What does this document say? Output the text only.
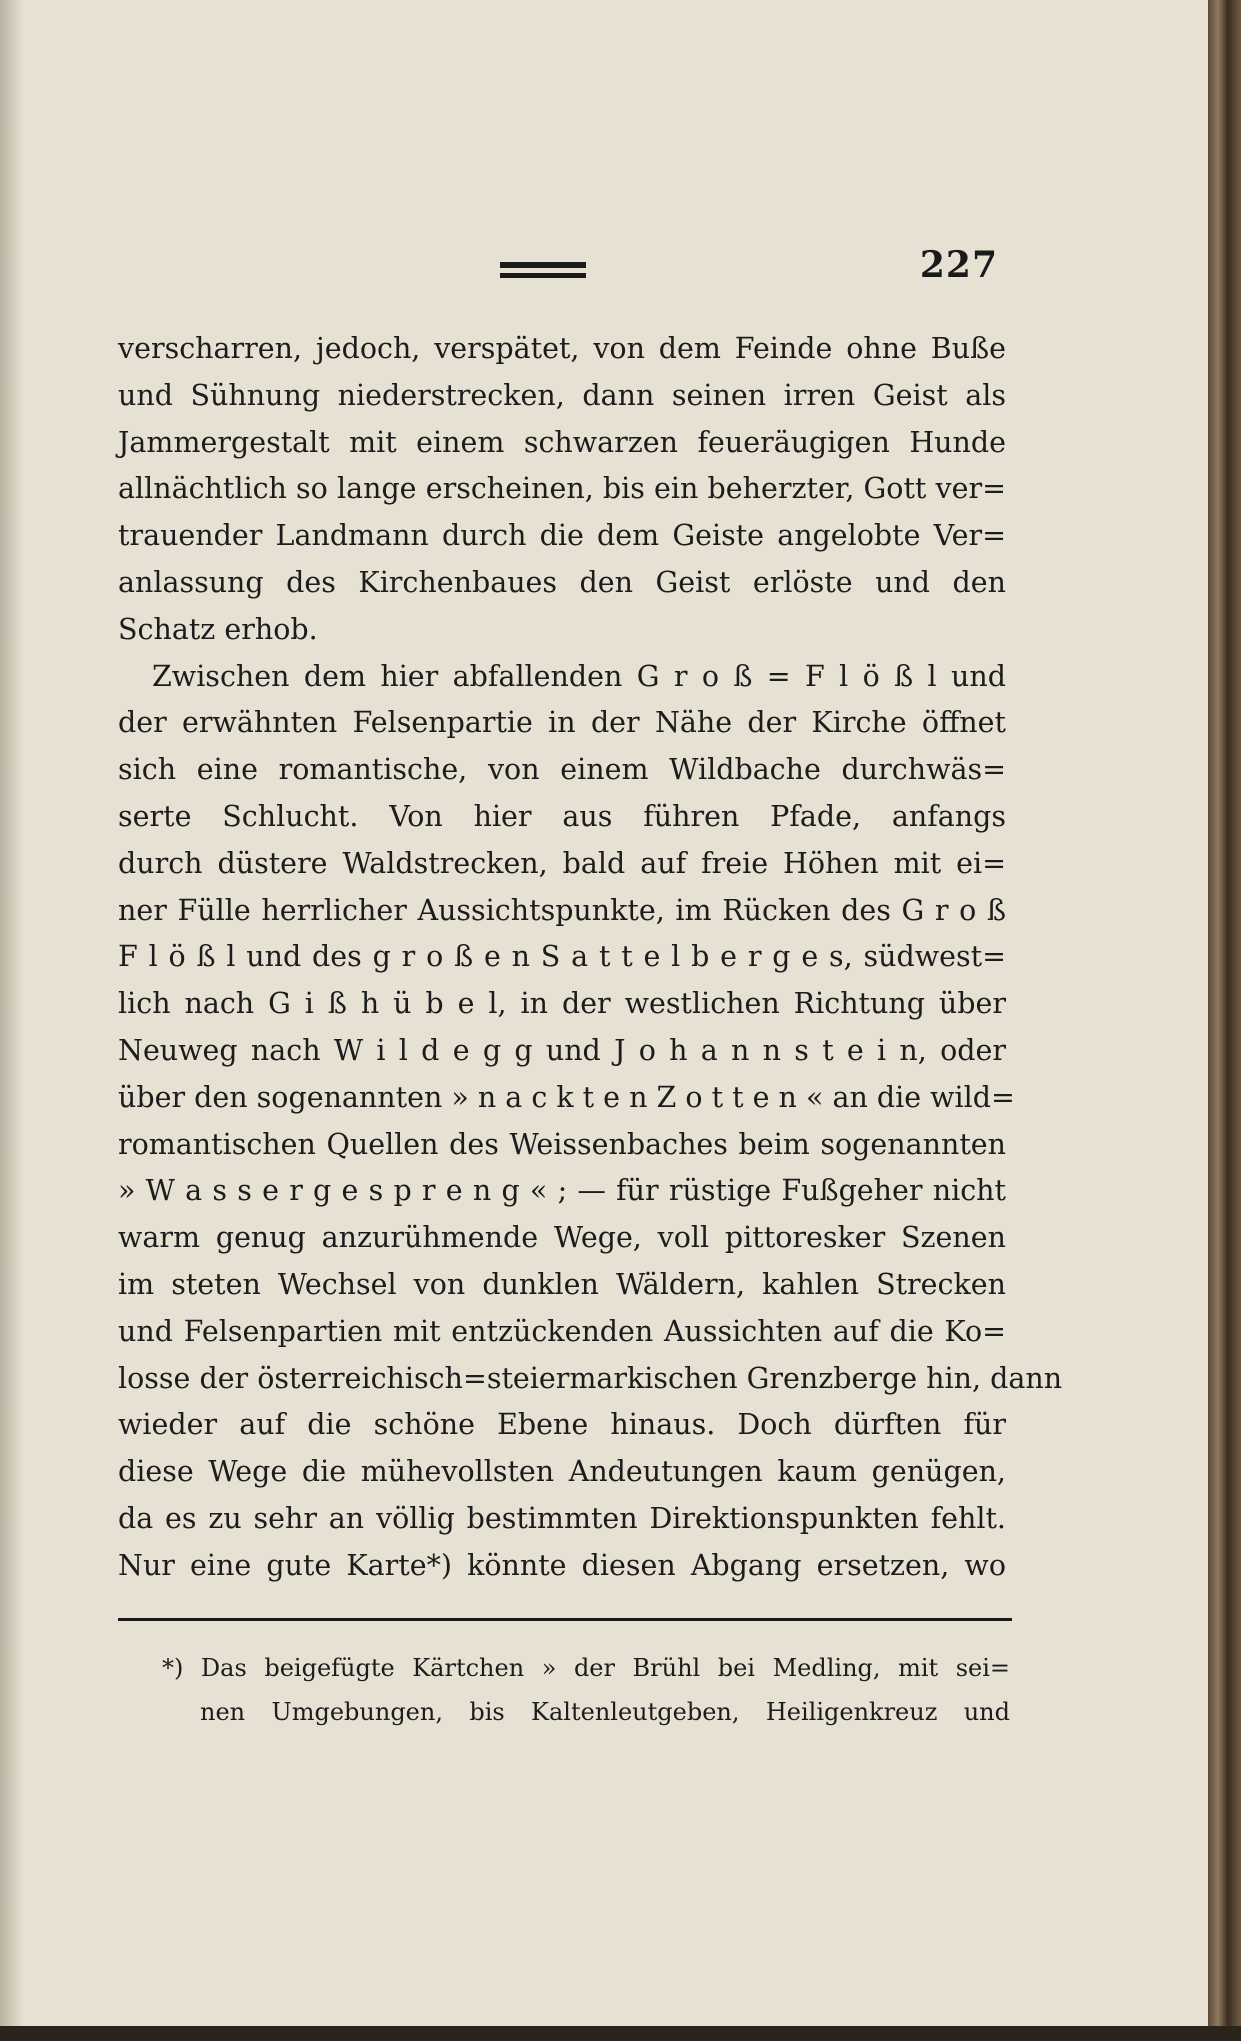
227
verscharren, jedoch, verspätet, von dem Feinde ohne Buße
und Sühnung niederstrecken, dann seinen irren Geist als
Jammergestalt mit einem schwarzen feueräugigen Hunde
allnächtlich so lange erscheinen, bis ein beherzter, Gott ver=
trauender Landmann durch die dem Geiste angelobte Ver=
anlassung des Kirchenbaues den Geist erlöste und den
Schatz erhob.
Zwischen dem hier abfallenden G r o ß = F l ö ß l und
der erwähnten Felsenpartie in der Nähe der Kirche öffnet
sich eine romantische, von einem Wildbache durchwäs=
serte Schlucht. Von hier aus führen Pfade, anfangs
durch düstere Waldstrecken, bald auf freie Höhen mit ei=
ner Fülle herrlicher Aussichtspunkte, im Rücken des G r o ß
F l ö ß l und des g r o ß e n S a t t e l b e r g e s, südwest=
lich nach G i ß h ü b e l, in der westlichen Richtung über
Neuweg nach W i l d e g g und J o h a n n s t e i n, oder
über den sogenannten » n a c k t e n Z o t t e n « an die wild=
romantischen Quellen des Weissenbaches beim sogenannten
» W a s s e r g e s p r e n g « ; — für rüstige Fußgeher nicht
warm genug anzurühmende Wege, voll pittoresker Szenen
im steten Wechsel von dunklen Wäldern, kahlen Strecken
und Felsenpartien mit entzückenden Aussichten auf die Ko=
losse der österreichisch=steiermarkischen Grenzberge hin, dann
wieder auf die schöne Ebene hinaus. Doch dürften für
diese Wege die mühevollsten Andeutungen kaum genügen,
da es zu sehr an völlig bestimmten Direktionspunkten fehlt.
Nur eine gute Karte*) könnte diesen Abgang ersetzen, wo
*) Das beigefügte Kärtchen » der Brühl bei Medling, mit sei=
nen Umgebungen, bis Kaltenleutgeben, Heiligenkreuz und
